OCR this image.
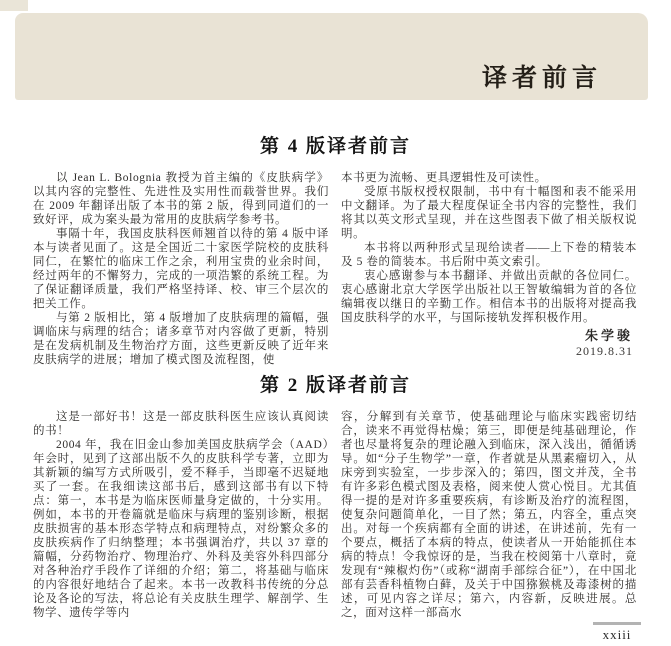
译者前言
第 4 版译者前言

以 Jean L. Bolognia 教授为首主编的《皮肤病学》以其内容的完整性、先进性及实用性而载誉世界。我们在 2009 年翻译出版了本书的第 2 版，得到同道们的一致好评，成为案头最为常用的皮肤病学参考书。

事隔十年，我国皮肤科医师翘首以待的第 4 版中译本与读者见面了。这是全国近二十家医学院校的皮肤科同仁，在繁忙的临床工作之余，利用宝贵的业余时间，经过两年的不懈努力，完成的一项浩繁的系统工程。为了保证翻译质量，我们严格坚持译、校、审三个层次的把关工作。

与第 2 版相比，第 4 版增加了皮肤病理的篇幅，强调临床与病理的结合；诸多章节对内容做了更新，特别是在发病机制及生物治疗方面，这些更新反映了近年来皮肤病学的进展；增加了模式图及流程图，使

本书更为流畅、更具逻辑性及可读性。

受原书版权授权限制，书中有十幅图和表不能采用中文翻译。为了最大程度保证全书内容的完整性，我们将其以英文形式呈现，并在这些图表下做了相关版权说明。

本书将以两种形式呈现给读者——上下卷的精装本及 5 卷的简装本。书后附中英文索引。

衷心感谢参与本书翻译、并做出贡献的各位同仁。衷心感谢北京大学医学出版社以王智敏编辑为首的各位编辑夜以继日的辛勤工作。相信本书的出版将对提高我国皮肤科学的水平，与国际接轨发挥积极作用。

朱学骏
2019.8.31
第 2 版译者前言

这是一部好书！这是一部皮肤科医生应该认真阅读的书！

2004 年，我在旧金山参加美国皮肤病学会（AAD）年会时，见到了这部出版不久的皮肤科学专著，立即为其新颖的编写方式所吸引，爱不释手，当即毫不迟疑地买了一套。在我细读这部书后，感到这部书有以下特点：第一，本书是为临床医师量身定做的，十分实用。例如，本书的开卷篇就是临床与病理的鉴别诊断，根据皮肤损害的基本形态学特点和病理特点，对纷繁众多的皮肤疾病作了归纳整理；本书强调治疗，共以 37 章的篇幅，分药物治疗、物理治疗、外科及美容外科四部分对各种治疗手段作了详细的介绍；第二，将基础与临床的内容很好地结合了起来。本书一改教科书传统的分总论及各论的写法，将总论有关皮肤生理学、解剖学、生物学、遗传学等内

容，分解到有关章节，使基础理论与临床实践密切结合，读来不再觉得枯燥；第三，即便是纯基础理论，作者也尽量将复杂的理论融入到临床，深入浅出，循循诱导。如“分子生物学”一章，作者就是从黑素瘤切入，从床旁到实验室，一步步深入的；第四，图文并茂，全书有许多彩色模式图及表格，阅来使人赏心悦目。尤其值得一提的是对许多重要疾病，有诊断及治疗的流程图，使复杂问题简单化，一目了然；第五，内容全，重点突出。对每一个疾病都有全面的讲述，在讲述前，先有一个要点，概括了本病的特点，使读者从一开始能抓住本病的特点！令我惊讶的是，当我在校阅第十八章时，竟发现有“辣椒灼伤”（或称“湖南手部综合征”），在中国北部有芸香科植物白藓，及关于中国猕猴桃及毒漆树的描述，可见内容之详尽；第六，内容新，反映进展。总之，面对这样一部高水

xxiii
